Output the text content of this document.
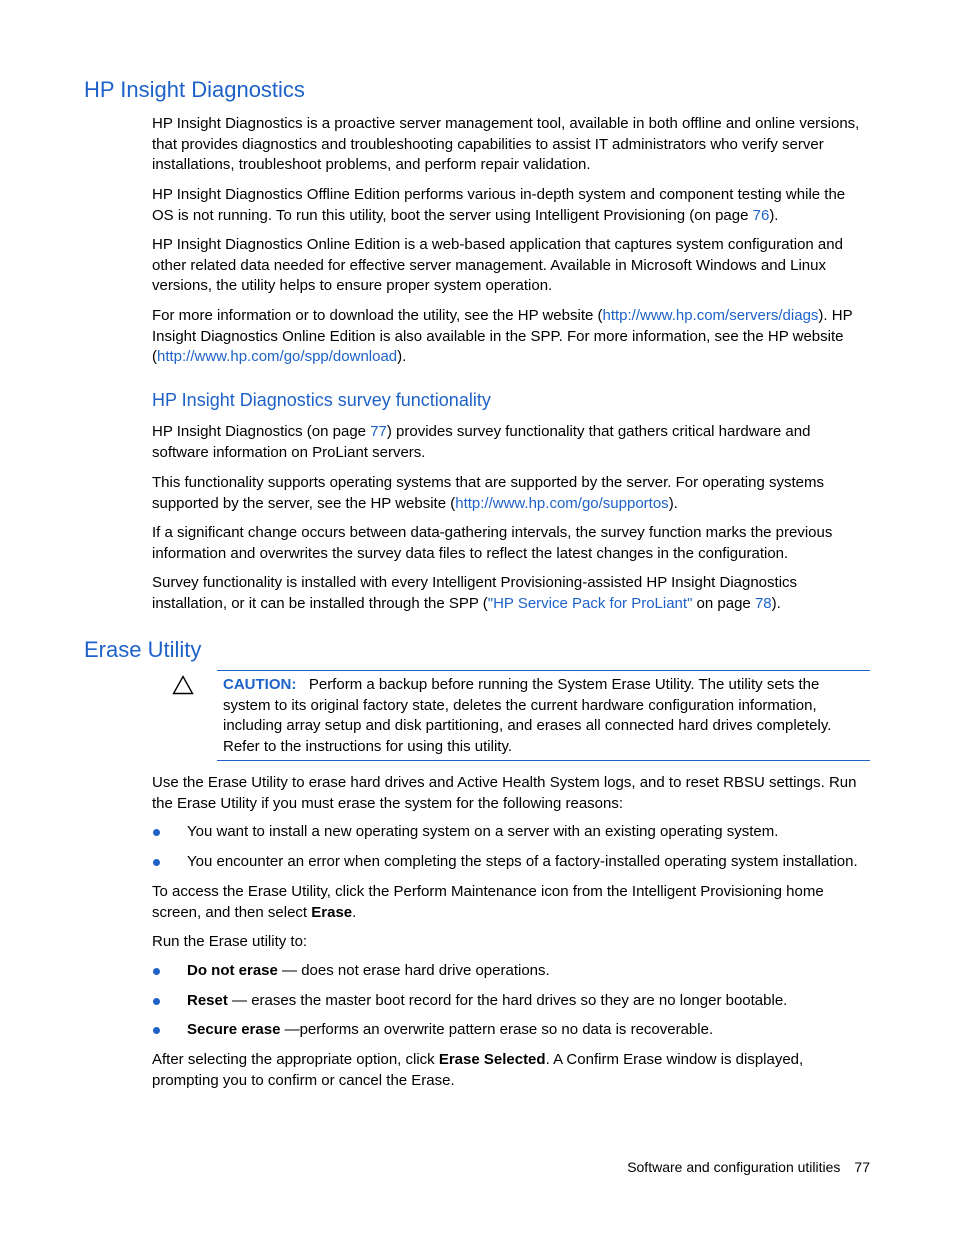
HP Insight Diagnostics

HP Insight Diagnostics is a proactive server management tool, available in both offline and online versions, that provides diagnostics and troubleshooting capabilities to assist IT administrators who verify server installations, troubleshoot problems, and perform repair validation.

HP Insight Diagnostics Offline Edition performs various in-depth system and component testing while the OS is not running. To run this utility, boot the server using Intelligent Provisioning (on page 76).

HP Insight Diagnostics Online Edition is a web-based application that captures system configuration and other related data needed for effective server management. Available in Microsoft Windows and Linux versions, the utility helps to ensure proper system operation.

For more information or to download the utility, see the HP website (http://www.hp.com/servers/diags). HP Insight Diagnostics Online Edition is also available in the SPP. For more information, see the HP website (http://www.hp.com/go/spp/download).

HP Insight Diagnostics survey functionality

HP Insight Diagnostics (on page 77) provides survey functionality that gathers critical hardware and software information on ProLiant servers.

This functionality supports operating systems that are supported by the server. For operating systems supported by the server, see the HP website (http://www.hp.com/go/supportos).

If a significant change occurs between data-gathering intervals, the survey function marks the previous information and overwrites the survey data files to reflect the latest changes in the configuration.

Survey functionality is installed with every Intelligent Provisioning-assisted HP Insight Diagnostics installation, or it can be installed through the SPP ("HP Service Pack for ProLiant" on page 78).

Erase Utility

CAUTION: Perform a backup before running the System Erase Utility. The utility sets the system to its original factory state, deletes the current hardware configuration information, including array setup and disk partitioning, and erases all connected hard drives completely. Refer to the instructions for using this utility.

Use the Erase Utility to erase hard drives and Active Health System logs, and to reset RBSU settings. Run the Erase Utility if you must erase the system for the following reasons:

You want to install a new operating system on a server with an existing operating system.
You encounter an error when completing the steps of a factory-installed operating system installation.

To access the Erase Utility, click the Perform Maintenance icon from the Intelligent Provisioning home screen, and then select Erase.

Run the Erase utility to:

Do not erase — does not erase hard drive operations.
Reset — erases the master boot record for the hard drives so they are no longer bootable.
Secure erase —performs an overwrite pattern erase so no data is recoverable.

After selecting the appropriate option, click Erase Selected. A Confirm Erase window is displayed, prompting you to confirm or cancel the Erase.

Software and configuration utilities 77
